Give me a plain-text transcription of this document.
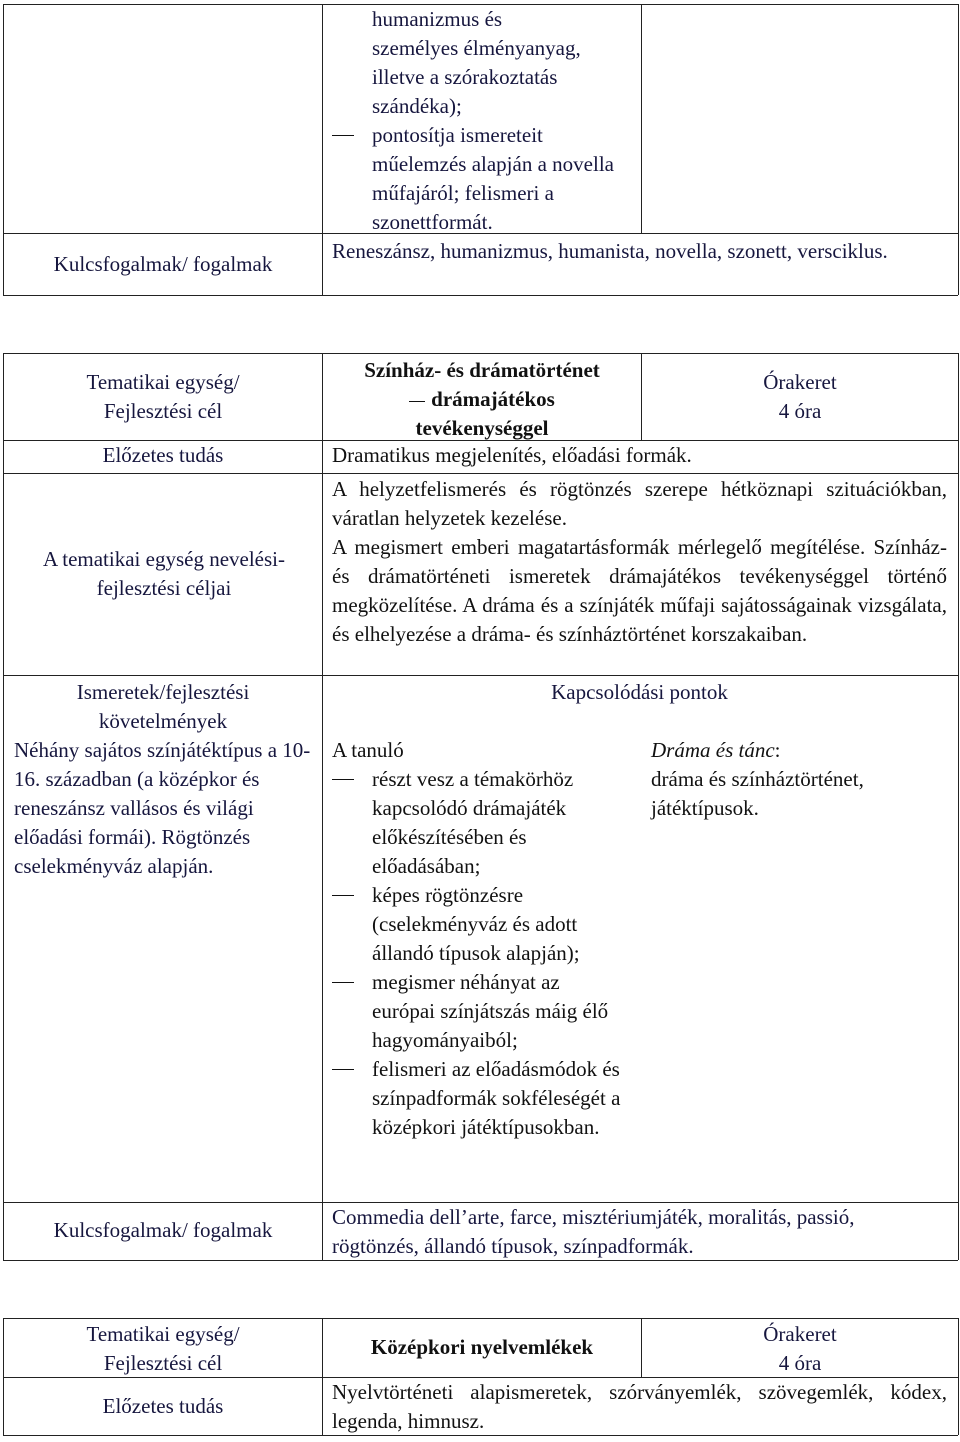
humanizmus és
személyes élményanyag,
illetve a szórakoztatás
szándéka);
pontosítja ismereteit műelemzés alapján a novella műfajáról; felismeri a szonettformát.
Kulcsfogalmak/ fogalmak
Reneszánsz, humanizmus, humanista, novella, szonett, versciklus.
Tematikai egység/
Fejlesztési cél
Színház- és drámatörténet
drámajátékos
tevékenységgel
Órakeret
4 óra
Előzetes tudás	Dramatikus megjelenítés, előadási formák.
A tematikai egység nevelési-fejlesztési céljai
A helyzetfelismerés és rögtönzés szerepe hétköznapi szituációkban, váratlan helyzetek kezelése.
A megismert emberi magatartásformák mérlegelő megítélése. Színház- és drámatörténeti ismeretek drámajátékos tevékenységgel történő megközelítése. A dráma és a színjáték műfaji sajátosságainak vizsgálata, és elhelyezése a dráma- és színháztörténet korszakaiban.
Ismeretek/fejlesztési
követelmények
Kapcsolódási pontok
Néhány sajátos színjátéktípus a 10-16. században (a középkor és reneszánsz vallásos és világi előadási formái). Rögtönzés cselekményváz alapján.
A tanuló
részt vesz a témakörhöz kapcsolódó drámajáték előkészítésében és előadásában;
képes rögtönzésre (cselekményváz és adott állandó típusok alapján);
megismer néhányat az európai színjátszás máig élő hagyományaiból;
felismeri az előadásmódok és színpadformák sokféleségét a középkori játéktípusokban.
Dráma és tánc:
dráma és színháztörténet, játéktípusok.
Kulcsfogalmak/ fogalmak
Commedia dell’arte, farce, misztériumjáték, moralitás, passió, rögtönzés, állandó típusok, színpadformák.
Tematikai egység/
Fejlesztési cél
Középkori nyelvemlékek
Órakeret
4 óra
Előzetes tudás
Nyelvtörténeti alapismeretek, szórványemlék, szövegemlék, kódex, legenda, himnusz.
